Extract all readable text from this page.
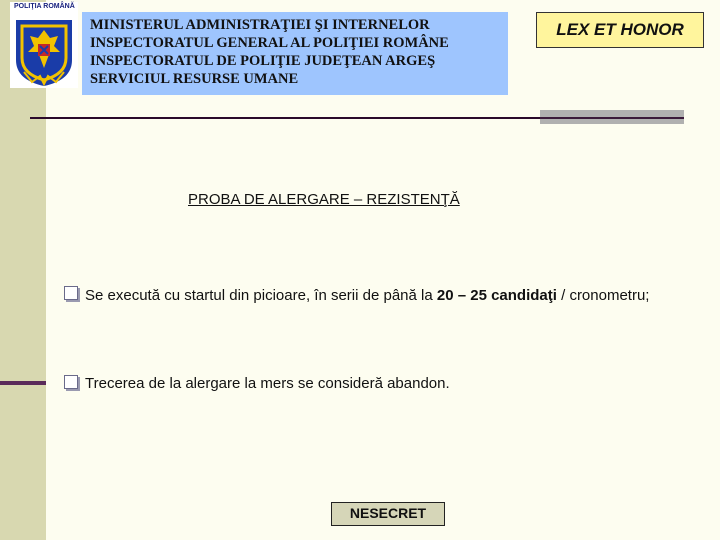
POLIŢIA ROMÂNĂ
MINISTERUL ADMINISTRAŢIEI ŞI INTERNELOR
INSPECTORATUL GENERAL AL POLIŢIEI ROMÂNE
INSPECTORATUL DE POLIŢIE JUDEŢEAN ARGEŞ
SERVICIUL RESURSE UMANE
LEX ET HONOR
PROBA DE ALERGARE – REZISTENŢĂ
Se execută cu startul din picioare, în serii de până la 20 – 25 candidaţi / cronometru;
Trecerea de la alergare la mers se consideră abandon.
NESECRET
